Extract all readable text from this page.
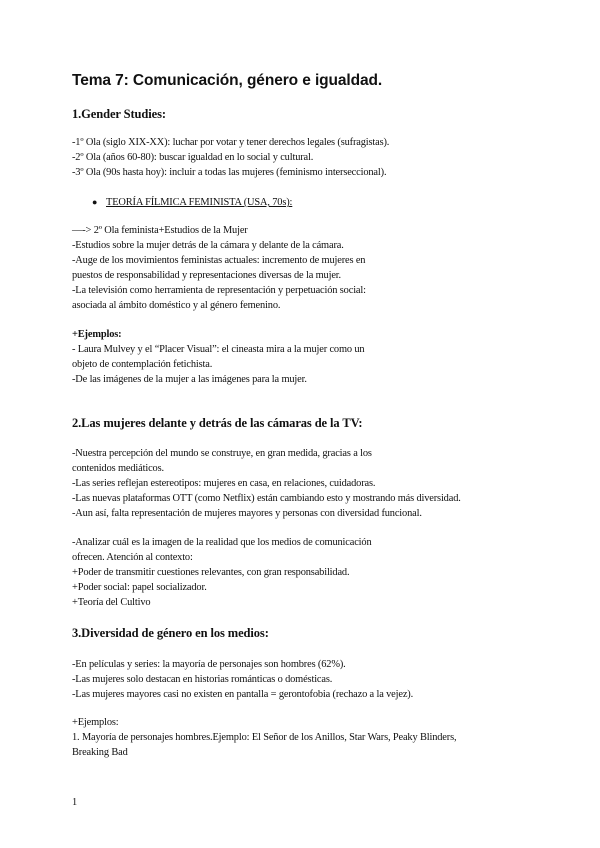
Tema 7: Comunicación, género e igualdad.
1.Gender Studies:
-1º Ola (siglo XIX-XX): luchar por votar y tener derechos legales (sufragistas).
-2º Ola (años 60-80): buscar igualdad en lo social y cultural.
-3º Ola (90s hasta hoy): incluir a todas las mujeres (feminismo interseccional).
● TEORÍA FÍLMICA FEMINISTA (USA, 70s):
—-> 2º Ola feminista+Estudios de la Mujer
-Estudios sobre la mujer detrás de la cámara y delante de la cámara.
-Auge de los movimientos feministas actuales: incremento de mujeres en
puestos de responsabilidad y representaciones diversas de la mujer.
-La televisión como herramienta de representación y perpetuación social:
asociada al ámbito doméstico y al género femenino.
+Ejemplos:
- Laura Mulvey y el “Placer Visual”: el cineasta mira a la mujer como un
objeto de contemplación fetichista.
-De las imágenes de la mujer a las imágenes para la mujer.
2.Las mujeres delante y detrás de las cámaras de la TV:
-Nuestra percepción del mundo se construye, en gran medida, gracias a los
contenidos mediáticos.
-Las series reflejan estereotipos: mujeres en casa, en relaciones, cuidadoras.
-Las nuevas plataformas OTT (como Netflix) están cambiando esto y mostrando más diversidad.
-Aun así, falta representación de mujeres mayores y personas con diversidad funcional.
-Analizar cuál es la imagen de la realidad que los medios de comunicación
ofrecen. Atención al contexto:
+Poder de transmitir cuestiones relevantes, con gran responsabilidad.
+Poder social: papel socializador.
+Teoría del Cultivo
3.Diversidad de género en los medios:
-En películas y series: la mayoría de personajes son hombres (62%).
-Las mujeres solo destacan en historias románticas o domésticas.
-Las mujeres mayores casi no existen en pantalla = gerontofobia (rechazo a la vejez).
+Ejemplos:
1. Mayoría de personajes hombres.Ejemplo: El Señor de los Anillos, Star Wars, Peaky Blinders,
Breaking Bad
1
